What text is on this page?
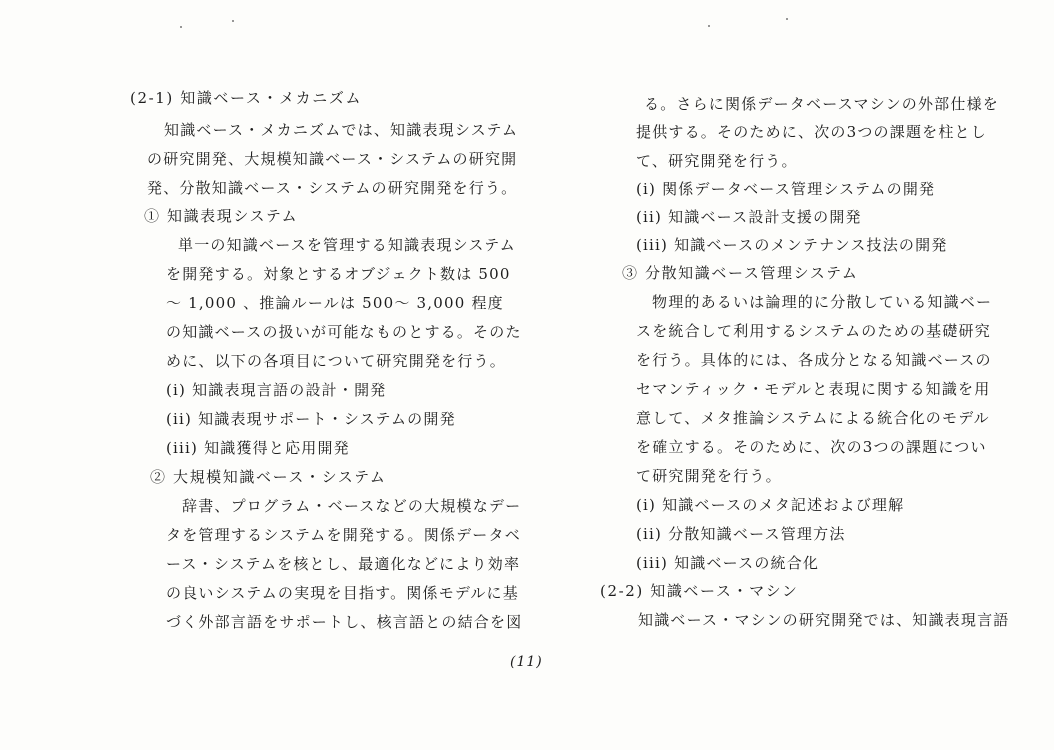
(2-1) 知識ベース・メカニズム
知識ベース・メカニズムでは、知識表現システム
の研究開発、大規模知識ベース・システムの研究開
発、分散知識ベース・システムの研究開発を行う。
① 知識表現システム
単一の知識ベースを管理する知識表現システム
を開発する。対象とするオブジェクト数は 500
～ 1,000 、推論ルールは 500～ 3,000 程度
の知識ベースの扱いが可能なものとする。そのた
めに、以下の各項目について研究開発を行う。
(i) 知識表現言語の設計・開発
(ii) 知識表現サポート・システムの開発
(iii) 知識獲得と応用開発
② 大規模知識ベース・システム
辞書、プログラム・ベースなどの大規模なデー
タを管理するシステムを開発する。関係データベ
ース・システムを核とし、最適化などにより効率
の良いシステムの実現を目指す。関係モデルに基
づく外部言語をサポートし、核言語との結合を図
る。さらに関係データベースマシンの外部仕様を
提供する。そのために、次の3つの課題を柱とし
て、研究開発を行う。
(i) 関係データベース管理システムの開発
(ii) 知識ベース設計支援の開発
(iii) 知識ベースのメンテナンス技法の開発
③ 分散知識ベース管理システム
物理的あるいは論理的に分散している知識ベー
スを統合して利用するシステムのための基礎研究
を行う。具体的には、各成分となる知識ベースの
セマンティック・モデルと表現に関する知識を用
意して、メタ推論システムによる統合化のモデル
を確立する。そのために、次の3つの課題につい
て研究開発を行う。
(i) 知識ベースのメタ記述および理解
(ii) 分散知識ベース管理方法
(iii) 知識ベースの統合化
(2-2) 知識ベース・マシン
知識ベース・マシンの研究開発では、知識表現言語
(11)
